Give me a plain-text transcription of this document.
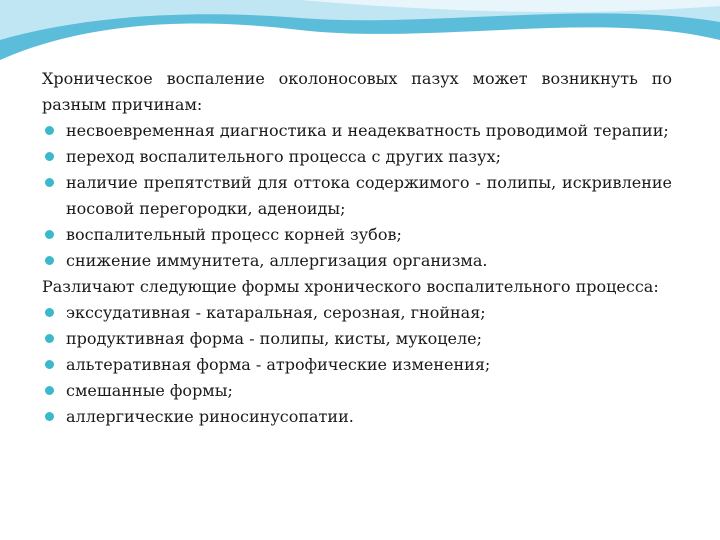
Хроническое воспаление околоносовых пазух может возникнуть по разным причинам:

несвоевременная диагностика и неадекватность проводимой терапии;
переход воспалительного процесса с других пазух;
наличие препятствий для оттока содержимого - полипы, искривление носовой перегородки, аденоиды;
воспалительный процесс корней зубов;
снижение иммунитета, аллергизация организма.

Различают следующие формы хронического воспалительного процесса:

экссудативная - катаральная, серозная, гнойная;
продуктивная форма - полипы, кисты, мукоцеле;
альтеративная форма - атрофические изменения;
смешанные формы;
аллергические риносинусопатии.
